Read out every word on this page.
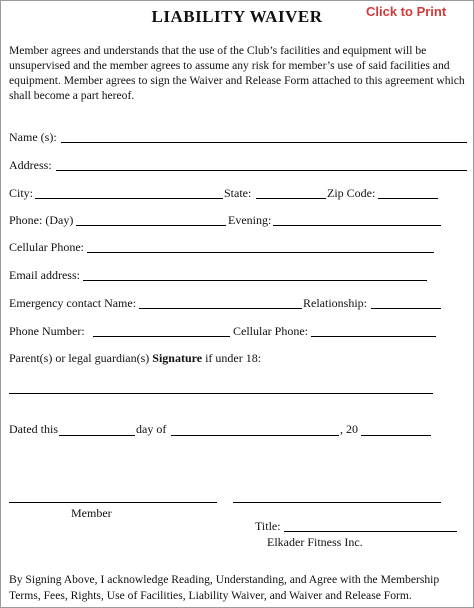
LIABILITY WAIVER	Click to Print
Member agrees and understands that the use of the Club’s facilities and equipment will be unsupervised and the member agrees to assume any risk for member’s use of said facilities and equipment. Member agrees to sign the Waiver and Release Form attached to this agreement which shall become a part hereof.
Name (s):
Address:
City:	State:	Zip Code:
Phone: (Day)	Evening:
Cellular Phone:
Email address:
Emergency contact Name:	Relationship:
Phone Number:	Cellular Phone:
Parent(s) or legal guardian(s) Signature if under 18:
Dated this	day of	, 20
Member
Title:
Elkader Fitness Inc.
By Signing Above, I acknowledge Reading, Understanding, and Agree with the Membership Terms, Fees, Rights, Use of Facilities, Liability Waiver, and Waiver and Release Form.
